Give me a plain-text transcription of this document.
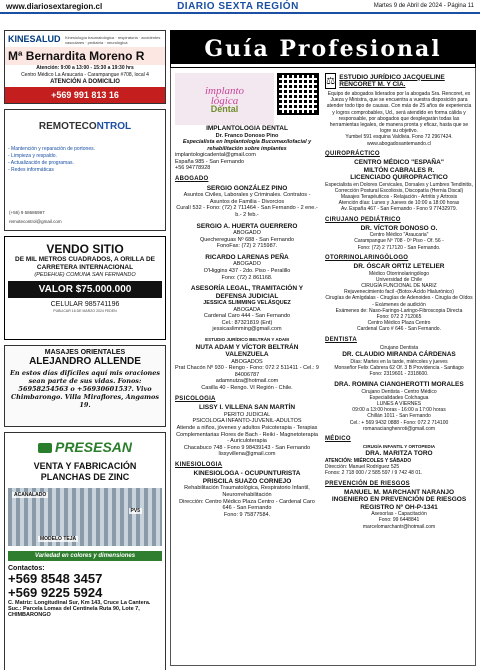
www.diariosextaregion.cl	DIARIO SEXTA REGIÓN	Martes 9 de Abril de 2024 - Página 11
KINESALUD	Kinesiología traumatológica · respiratoria · accidentes vasculares · pediatría · neurológica
Mª Bernardita Moreno R
Atención: 9:00 a 13:00 - 15:30 a 19:30 hrs
Centro Médico La Araucaria - Carampangue #708, local 4
ATENCIÓN A DOMICILIO
+569 991 813 16
REMOTECONTROL
- Mantención y reparación de portones.
- Limpieza y respaldo.
- Actualización de programas.
- Redes informáticas
(+56) 9 58686997
remotecontrol@gmail.com
VENDO SITIO
DE MIL METROS CUADRADOS, A ORILLA DE CARRETERA INTERNACIONAL
(PEDEHUE) COMUNA SAN FERNANDO
VALOR $75.000.000
CELULAR 985741196
PUBLICAR 16 DE MARZO 2024 FEDEN
MASAJES ORIENTALES
ALEJANDRO ALLENDE
En estos días difíciles aquí mis oraciones sean parte de sus vidas. Fonos: 56958254563 o +5693060153?. Vivo Chimbarongo. Villa Miraflores, Angamos 19.
PRESESAN
VENTA Y FABRICACIÓN PLANCHAS DE ZINC
ACANALADO
PV5
MODELO TEJA
Variedad en colores y dimensiones
Contactos:
+569 8548 3457
+569 9225 5924
C. Matriz: Longitudinal Sur, Km 143, Cruce La Cantera.
Suc.: Parcela Lomas del Centinela Ruta 90, Lote 7, CHIMBARONGO
Guía Profesional
implanto
lógica
Dental
IMPLANTOLOGIA DENTAL
Dr. Franco Donoso Pino
Especialista en Implantología Bucomaxilofacial y rehabilitación sobre implantes
implantologicadental@gmail.com
España 985 - San Fernando
+56 94778928
ABOGADO
SERGIO GONZÁLEZ PINO
Asuntos Civiles, Laborales y Criminales. Contratos - Asuntos de Familia - Divorcios
Curalí 532 - Fono: (72) 2 711464 - San Fernando - 2 ene.- b.- 2 feb.-
SERGIO A. HUERTA GUERRERO
ABOGADO
Quechereguas Nº 688 - San Fernando
FonoFax: (72) 2 715987.
RICARDO LARENAS PEÑA
ABOGADO
O'Higgins 437 - 2do. Piso - Peralillo
Fono: (72) 2 861168.
ASESORÍA LEGAL, TRAMITACIÓN Y DEFENSA JUDICIAL
JESSICA SLIMMING VELÁSQUEZ
ABOGADA
Cardenal Caro 444 - San Fernando
Cel.: 87321819 (Ent)
jessicaslimming@gmail.com
ESTUDIO JURÍDICO BELTRÁN Y ADAM
NUTA ADAM Y VÍCTOR BELTRÁN VALENZUELA
ABOGADOS
Prat Chacón Nº 930 - Rengo - Fono: 072 2 511411 - Cel.: 9 84006787
adamnutza@hotmail.com
Casilla 40 - Rengo. VI Región - Chile.
PSICOLOGIA
LISSY I. VILLENA SAN MARTÍN
PERITO JUDICIAL
PSICOLOGA INFANTO-JUVENIL-ADULTOS
Atiende a niños, jóvenes y adultos Psicoterapia - Terapias Complementarias Flores de Bach - Reiki - Magnetoterapia - Auriculoterapia
Chacabuco 748 - Fono 9 98439143 - San Fernando
lissyvillena@gmail.com
KINESIOLOGIA
KINESIOLOGA - OCUPUNTURISTA
PRISCILA SUAZO CORNEJO
Rehabilitación Traumatológica, Respiratorio Infantil, Neurorrehabilitación
Dirección: Centro Médico Plaza Centro - Cardenal Caro 646 - San Fernando
Fono: 9 75877584.
⚖ ESTUDIO JURÍDICO JACQUELINE RENCORET M. Y CÍA.
Equipo de abogados liderados por la abogada Sra. Rencoret, ex Jueza y Ministra, que se encuentra a vuestra disposición para atender todo tipo de causas. Con más de 25 años de experiencia y logros comprobables, Ud., será atendido en forma cálida y responsable, por abogados que desplegarán todas las herramientas legales, de manera pronta y eficaz, hasta que se logre su objetivo.
Yumbel 591 esquina Valdivia. Fono 72 2967424.
www.abogadosantemando.cl
QUIROPRÁCTICO
CENTRO MÉDICO "ESPAÑA"
MILTÓN CABRALES R.
LICENCIADO QUIROPRACTICO
Especialista en Dolores Cervicales, Dorsales y Lumbres Tendinitis, Corrección Postural Escoliosis, Discopatía (Hernia Discal)
Masajes Terapéuticos - Relajación - Artritis y Artrosis
Atención días: Lunes y Jueves de 10:00 a 18:00 horas
Av. España 467 - San Fernando - Fono 9 77432979.
CIRUJANO PEDIÁTRICO
DR. VÍCTOR DONOSO O.
Centro Médico "Araucaria"
Carampangue Nº 708 - 0º Piso - Of. 56 -
Fono: (72) 2 717120 - San Fernando.
OTORRINOLARINGÓLOGO
DR. ÓSCAR ORTIZ LETELIER
Médico Otorrinolaringólogo
Universidad de Chile
CIRUGÍA FUNCIONAL DE NARIZ
Rejuvenecimiento facil -(Botox-Ácido Hialurónico)
Cirugías de Amígdalas - Cirugías de Adenoides - Cirugía de Oídos - Exámenes de audición
Exámenes de: Naso-Faringo-Laringo-Fibroscopia Directa
Fono: 072 2 712065
Centro Médico Plaza Centro
Cardenal Caro # 646 - San Fernando.
DENTISTA
Cirujano Dentista
DR. CLAUDIO MIRANDA CÁRDENAS
Días: Martes en la tarde, miércoles y jueves
Monseñor Felix Cabrera 62 Of. 3 B Providencia - Santiago
Fono: 2319601 - 2318600.
DRA. ROMINA CIANGHEROTTI MORALES
Cirujano Dentista - Centro Médico
Especialidades Colchagua
LUNES A VIERNES
09:00 a 13:00 horas - 16:00 a 17:00 horas
Chillán 1011 - San Fernando
Cel.: + 569 9432 0888 - Fono: 072 2 714100
romanacianghenroti@gmail.com
MÉDICO
CIRUGÍA INFANTIL Y ORTOPEDIA
DRA. MARITZA TORO
ATENCIÓN: MIÉRCOLES Y SÁBADO
Dirección: Manuel Rodríguez 525
Fonos: 2 718 000 / 2 585 597 / 9 742 48 01.
PREVENCIÓN DE RIESGOS
MANUEL M. MARCHANT NARANJO
INGENIERO EN PREVENCIÓN DE RIESGOS
REGISTRO Nº OH-P-1341
Asesorías - Capacitación
Fono: 99 6448841
marcelomarchantr@hotmail.com
